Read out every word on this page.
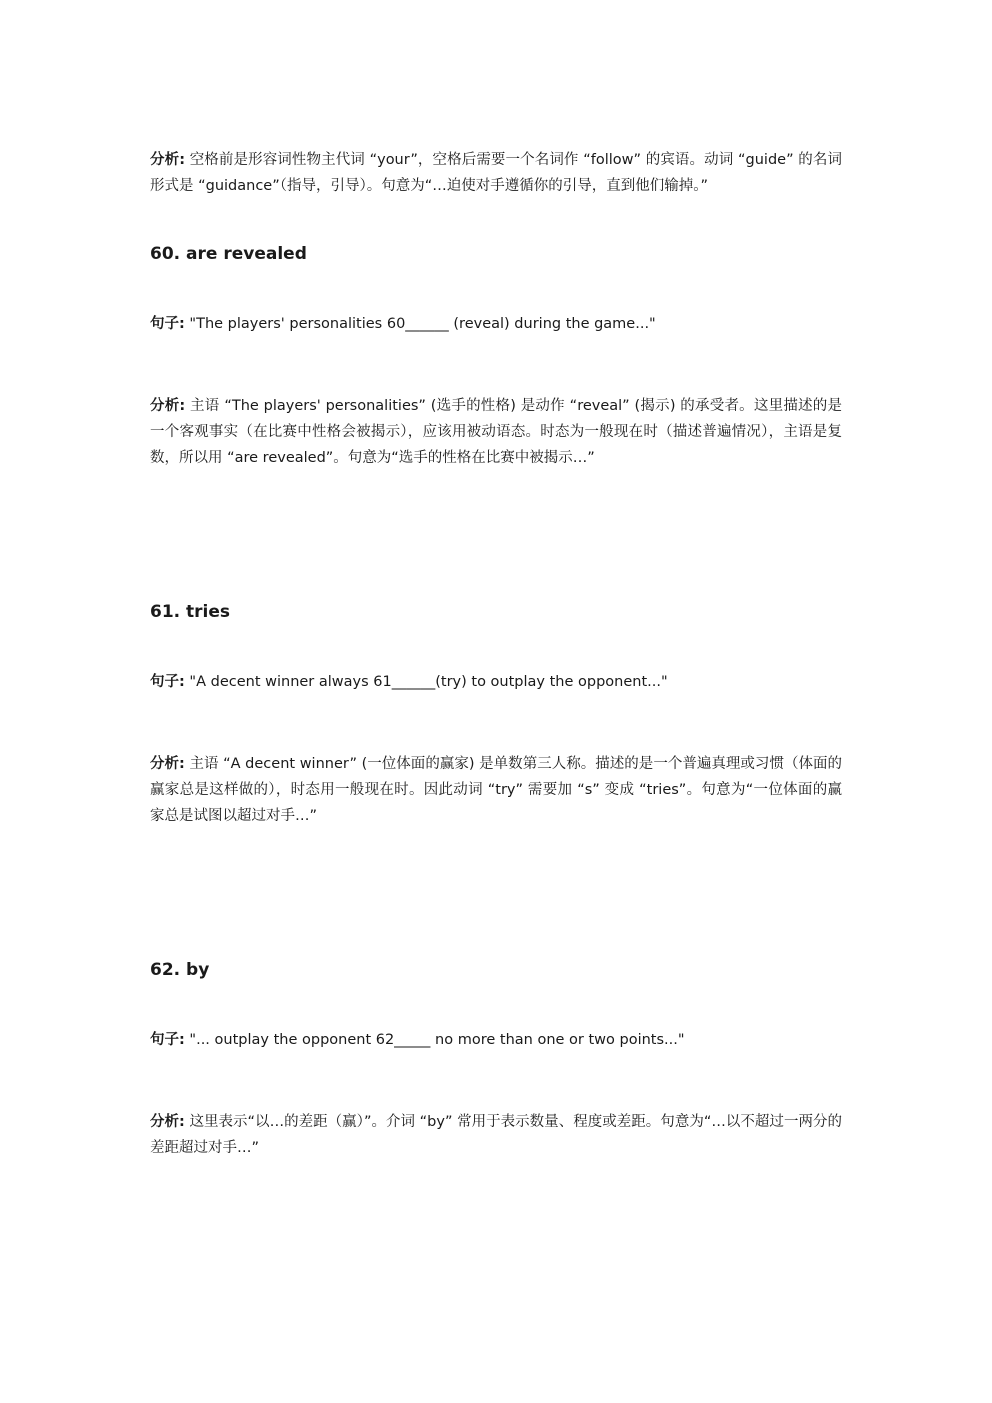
分析: 空格前是形容词性物主代词 “your”，空格后需要一个名词作 “follow” 的宾语。动词 “guide” 的名词形式是 “guidance”（指导，引导）。句意为“…迫使对手遵循你的引导，直到他们输掉。”

60. are revealed

句子: "The players' personalities 60______ (reveal) during the game..."

分析: 主语 “The players' personalities” (选手的性格) 是动作 “reveal” (揭示) 的承受者。这里描述的是一个客观事实（在比赛中性格会被揭示），应该用被动语态。时态为一般现在时（描述普遍情况），主语是复数，所以用 “are revealed”。句意为“选手的性格在比赛中被揭示…”

61. tries

句子: "A decent winner always 61______(try) to outplay the opponent..."

分析: 主语 “A decent winner” (一位体面的赢家) 是单数第三人称。描述的是一个普遍真理或习惯（体面的赢家总是这样做的），时态用一般现在时。因此动词 “try” 需要加 “s” 变成 “tries”。句意为“一位体面的赢家总是试图以超过对手…”

62. by

句子: "... outplay the opponent 62_____ no more than one or two points..."

分析: 这里表示“以…的差距（赢）”。介词 “by” 常用于表示数量、程度或差距。句意为“…以不超过一两分的差距超过对手…”
